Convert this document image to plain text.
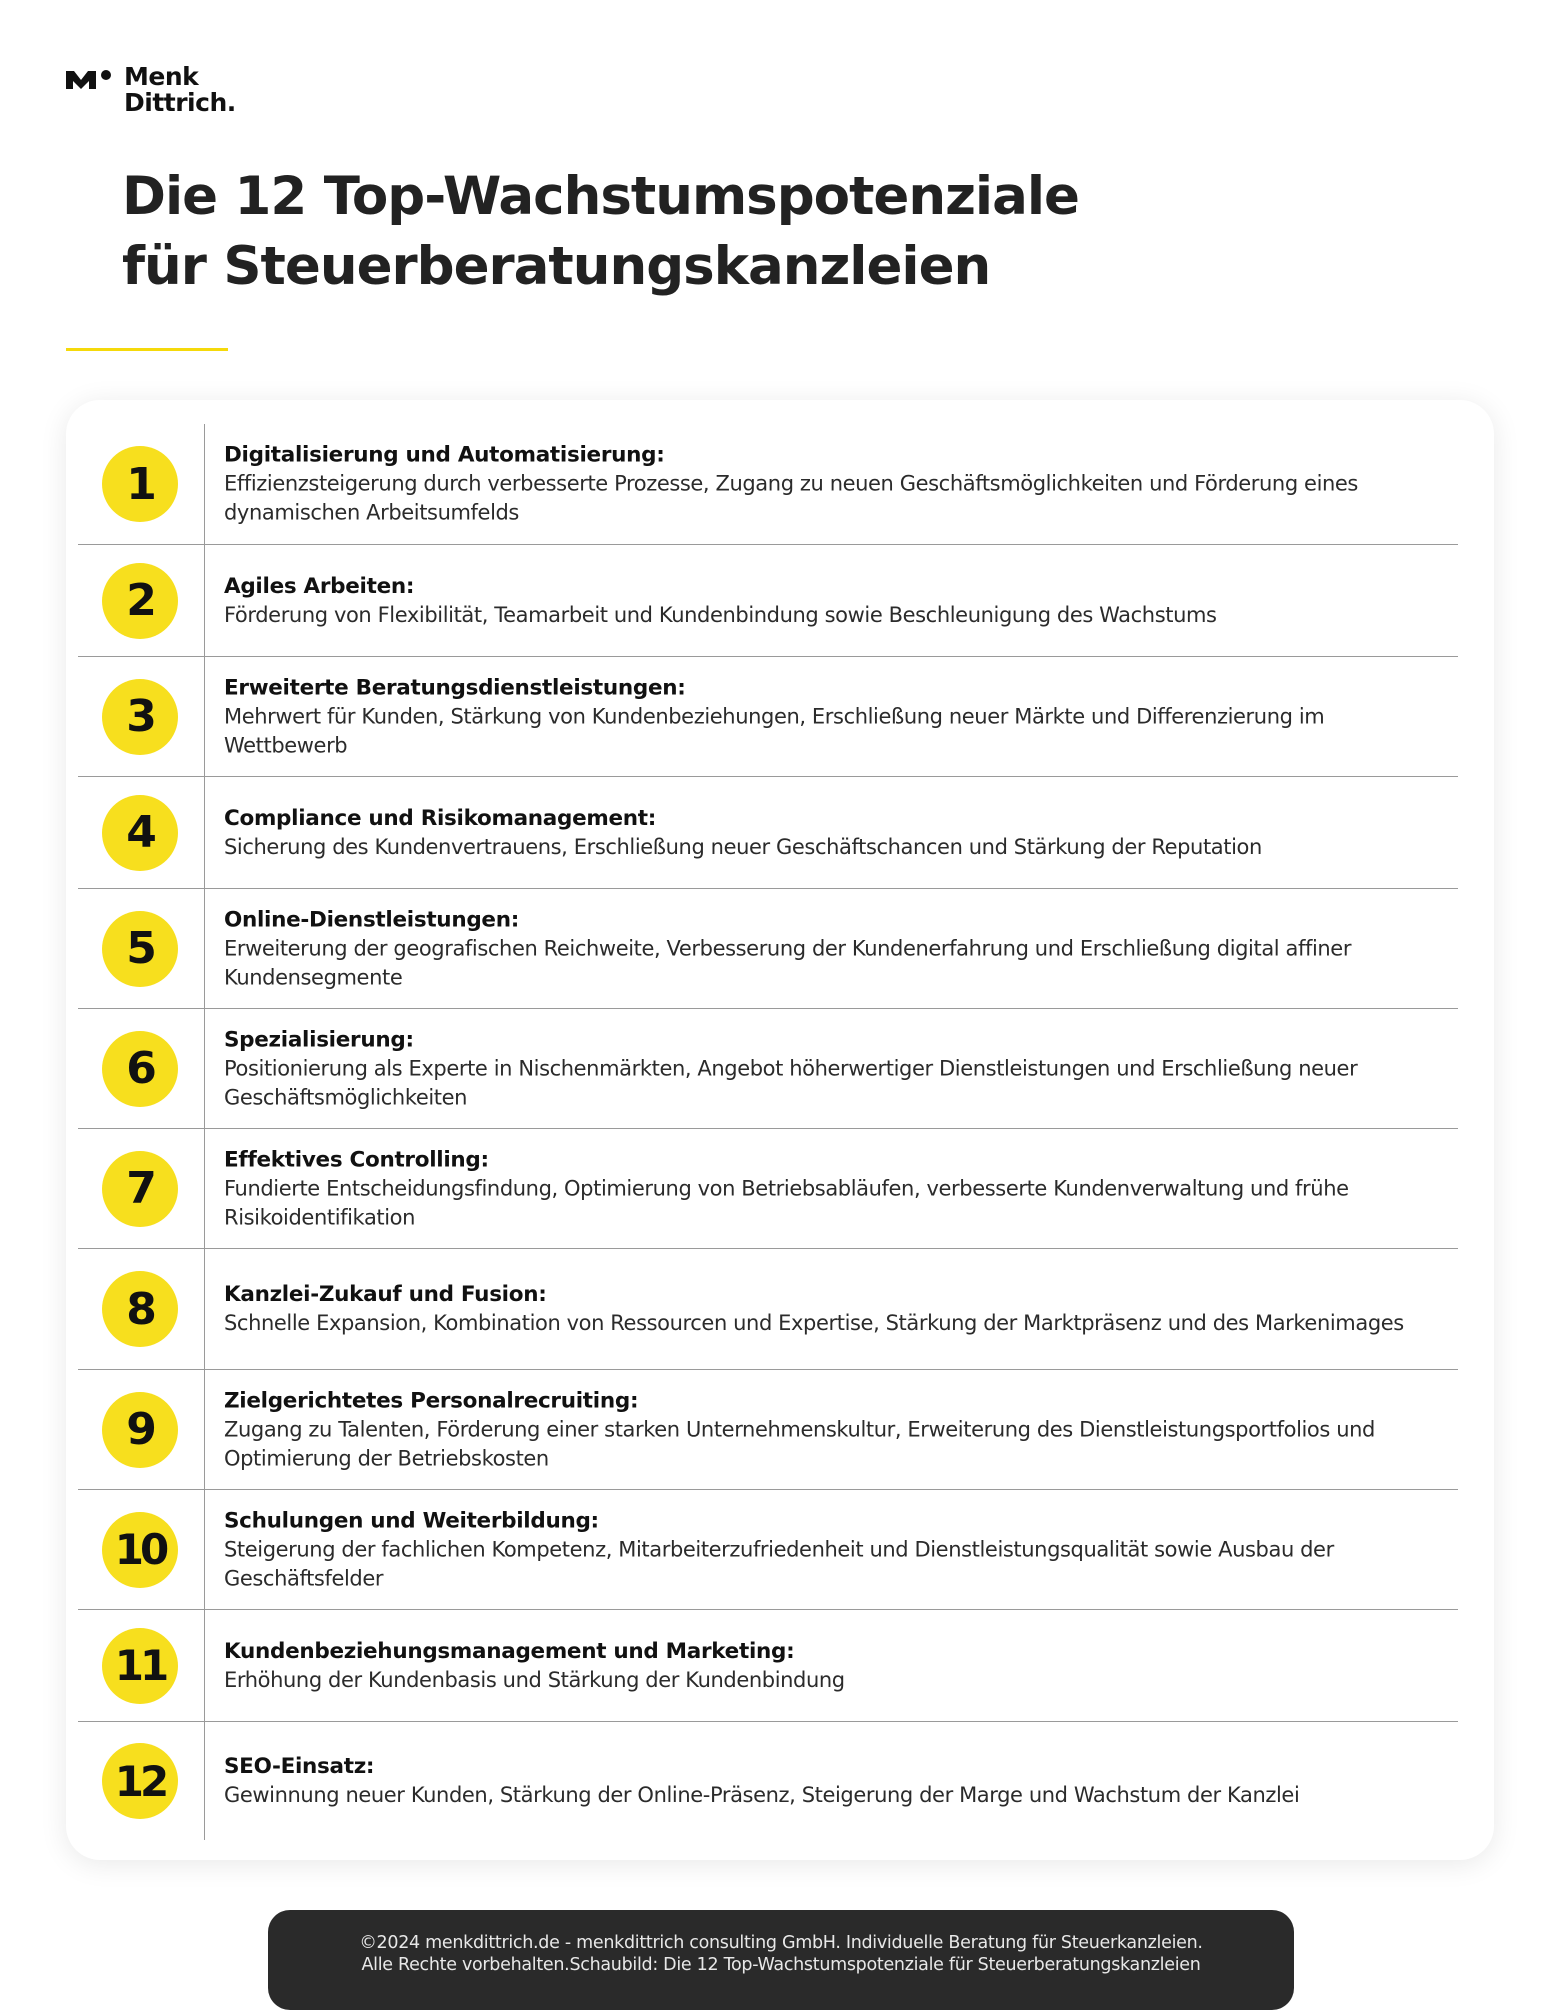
Menk
Dittrich.
Die 12 Top-Wachstumspotenziale
für Steuerberatungskanzleien
1
Digitalisierung und Automatisierung:
Effizienzsteigerung durch verbesserte Prozesse, Zugang zu neuen Geschäftsmöglichkeiten und Förderung eines dynamischen Arbeitsumfelds
2	Agiles Arbeiten:
Förderung von Flexibilität, Teamarbeit und Kundenbindung sowie Beschleunigung des Wachstums
3
Erweiterte Beratungsdienstleistungen:
Mehrwert für Kunden, Stärkung von Kundenbeziehungen, Erschließung neuer Märkte und Differenzierung im Wettbewerb
4	Compliance und Risikomanagement:
Sicherung des Kundenvertrauens, Erschließung neuer Geschäftschancen und Stärkung der Reputation
5
Online-Dienstleistungen:
Erweiterung der geografischen Reichweite, Verbesserung der Kundenerfahrung und Erschließung digital affiner Kundensegmente
6
Spezialisierung:
Positionierung als Experte in Nischenmärkten, Angebot höherwertiger Dienstleistungen und Erschließung neuer Geschäftsmöglichkeiten
7
Effektives Controlling:
Fundierte Entscheidungsfindung, Optimierung von Betriebsabläufen, verbesserte Kundenverwaltung und frühe Risikoidentifikation
8	Kanzlei-Zukauf und Fusion:
Schnelle Expansion, Kombination von Ressourcen und Expertise, Stärkung der Marktpräsenz und des Markenimages
9
Zielgerichtetes Personalrecruiting:
Zugang zu Talenten, Förderung einer starken Unternehmenskultur, Erweiterung des Dienstleistungsportfolios und Optimierung der Betriebskosten
10
Schulungen und Weiterbildung:
Steigerung der fachlichen Kompetenz, Mitarbeiterzufriedenheit und Dienstleistungsqualität sowie Ausbau der Geschäftsfelder
11	Kundenbeziehungsmanagement und Marketing:
Erhöhung der Kundenbasis und Stärkung der Kundenbindung
12	SEO-Einsatz:
Gewinnung neuer Kunden, Stärkung der Online-Präsenz, Steigerung der Marge und Wachstum der Kanzlei
©2024 menkdittrich.de - menkdittrich consulting GmbH. Individuelle Beratung für Steuerkanzleien.
Alle Rechte vorbehalten.Schaubild: Die 12 Top-Wachstumspotenziale für Steuerberatungskanzleien
